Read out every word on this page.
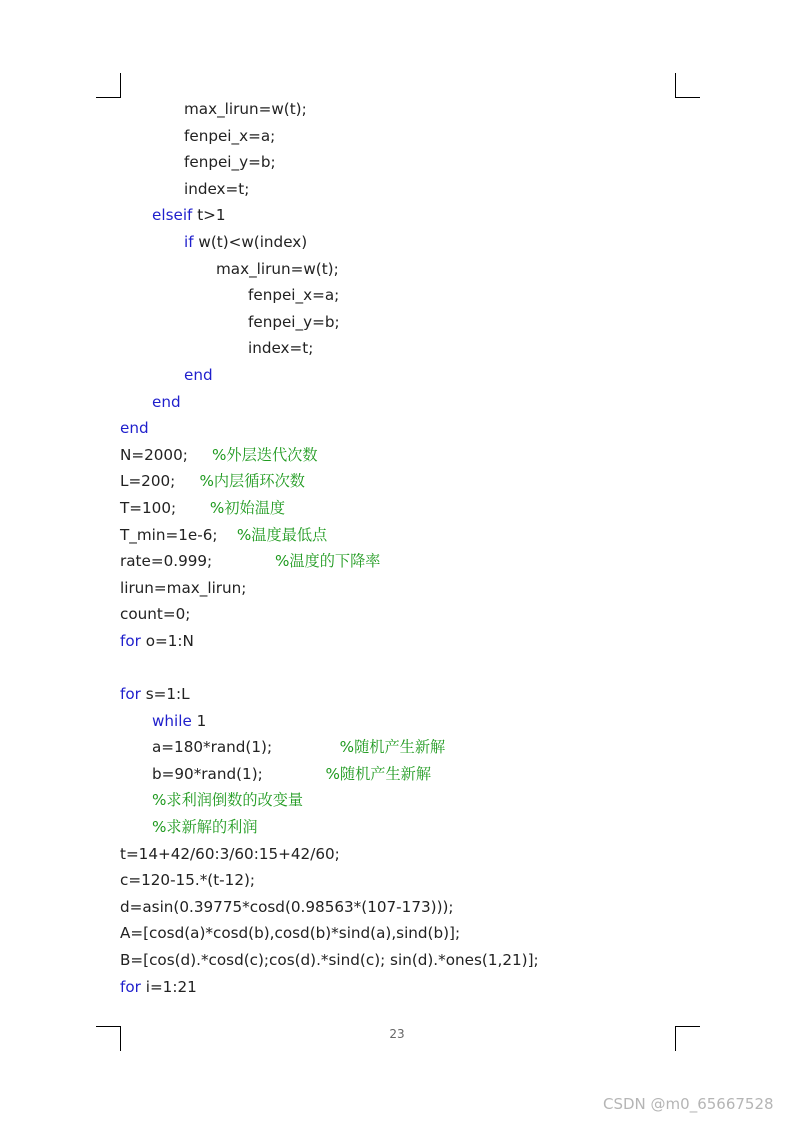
max_lirun=w(t);
fenpei_x=a;
fenpei_y=b;
index=t;
elseif t>1
if w(t)<w(index)
max_lirun=w(t);
fenpei_x=a;
fenpei_y=b;
index=t;
end
end
end
N=2000;     %外层迭代次数
L=200;     %内层循环次数
T=100;       %初始温度
T_min=1e-6;    %温度最低点
rate=0.999;             %温度的下降率
lirun=max_lirun;
count=0;
for o=1:N
for s=1:L
while 1
a=180*rand(1);              %随机产生新解
b=90*rand(1);             %随机产生新解
%求利润倒数的改变量
%求新解的利润
t=14+42/60:3/60:15+42/60;
c=120-15.*(t-12);
d=asin(0.39775*cosd(0.98563*(107-173)));
A=[cosd(a)*cosd(b),cosd(b)*sind(a),sind(b)];
B=[cos(d).*cosd(c);cos(d).*sind(c); sin(d).*ones(1,21)];
for i=1:21
23
CSDN @m0_65667528
